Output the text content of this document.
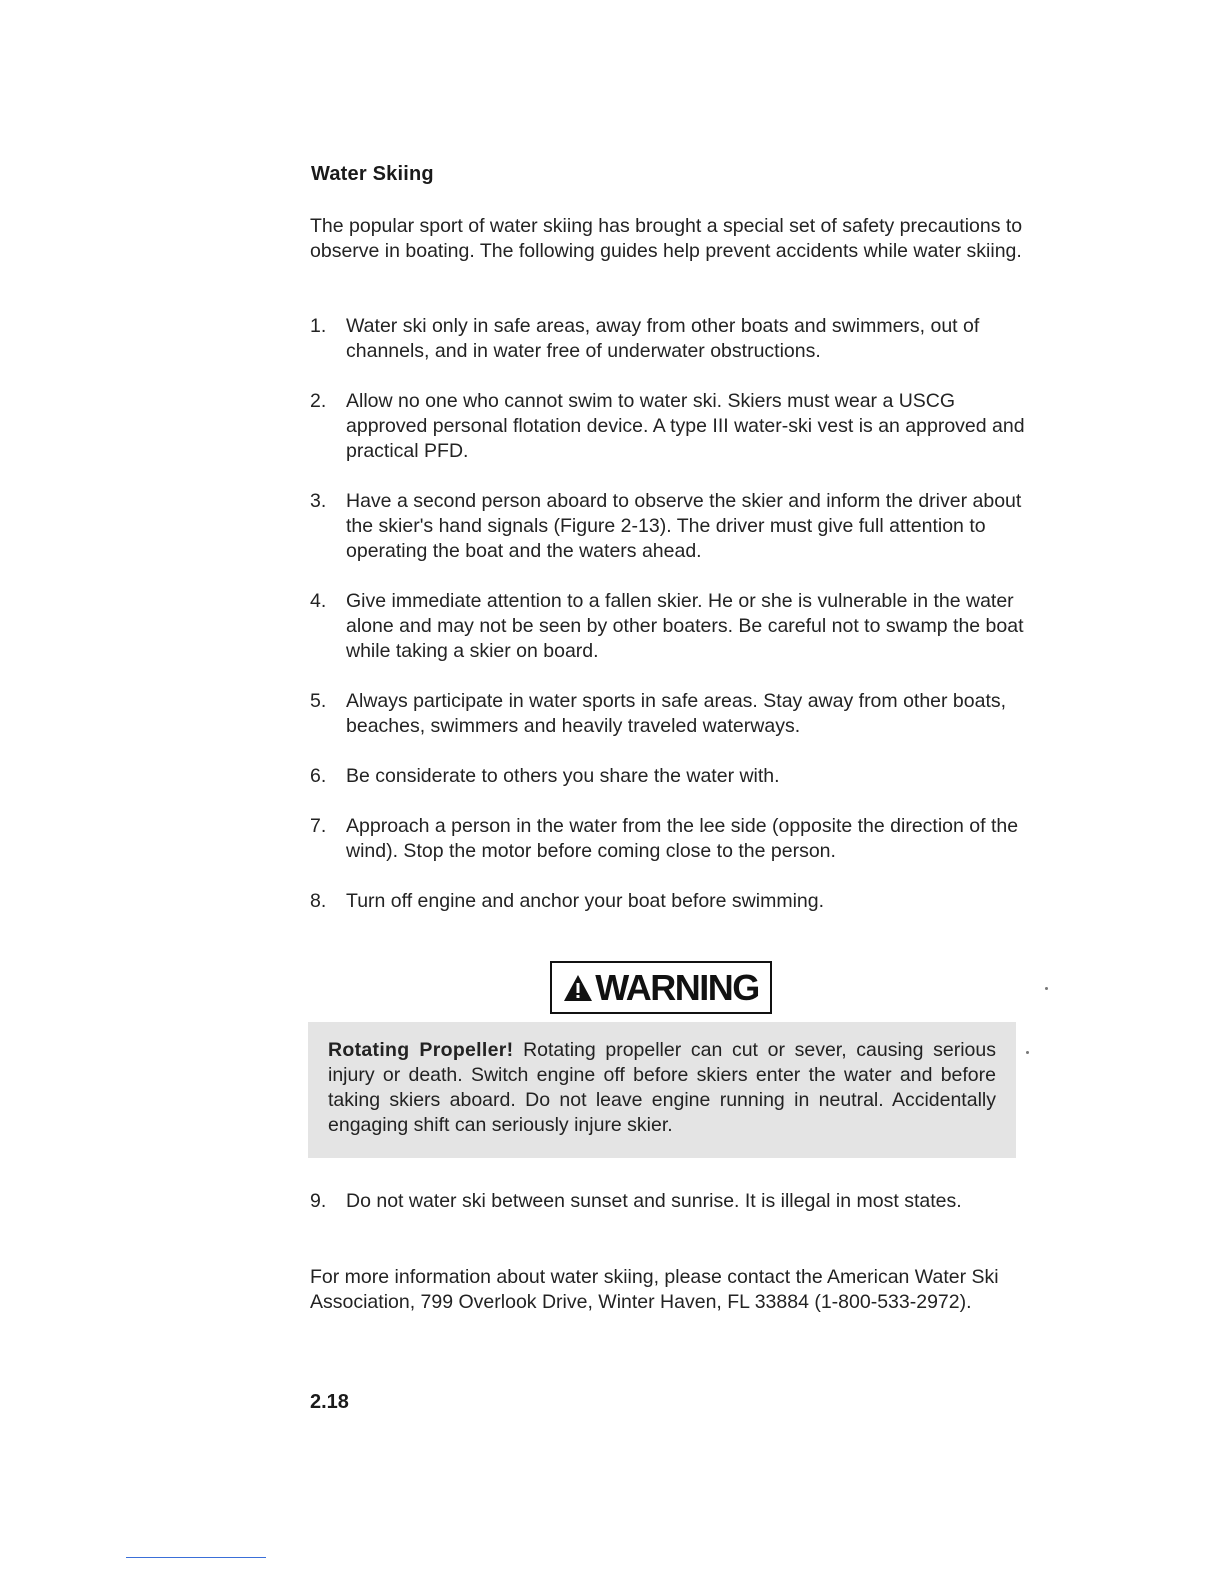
Water Skiing
The popular sport of water skiing has brought a special set of safety precautions to observe in boating. The following guides help prevent accidents while water skiing.
1. Water ski only in safe areas, away from other boats and swimmers, out of channels, and in water free of underwater obstructions.
2. Allow no one who cannot swim to water ski. Skiers must wear a USCG approved personal flotation device. A type III water-ski vest is an approved and practical PFD.
3. Have a second person aboard to observe the skier and inform the driver about the skier's hand signals (Figure 2-13). The driver must give full attention to operating the boat and the waters ahead.
4. Give immediate attention to a fallen skier. He or she is vulnerable in the water alone and may not be seen by other boaters. Be careful not to swamp the boat while taking a skier on board.
5. Always participate in water sports in safe areas. Stay away from other boats, beaches, swimmers and heavily traveled waterways.
6. Be considerate to others you share the water with.
7. Approach a person in the water from the lee side (opposite the direction of the wind). Stop the motor before coming close to the person.
8. Turn off engine and anchor your boat before swimming.
WARNING

Rotating Propeller! Rotating propeller can cut or sever, causing serious injury or death. Switch engine off before skiers enter the water and before taking skiers aboard. Do not leave engine running in neutral. Accidentally engaging shift can seriously injure skier.

9. Do not water ski between sunset and sunrise. It is illegal in most states.
For more information about water skiing, please contact the American Water Ski Association, 799 Overlook Drive, Winter Haven, FL 33884 (1-800-533-2972).
2.18
